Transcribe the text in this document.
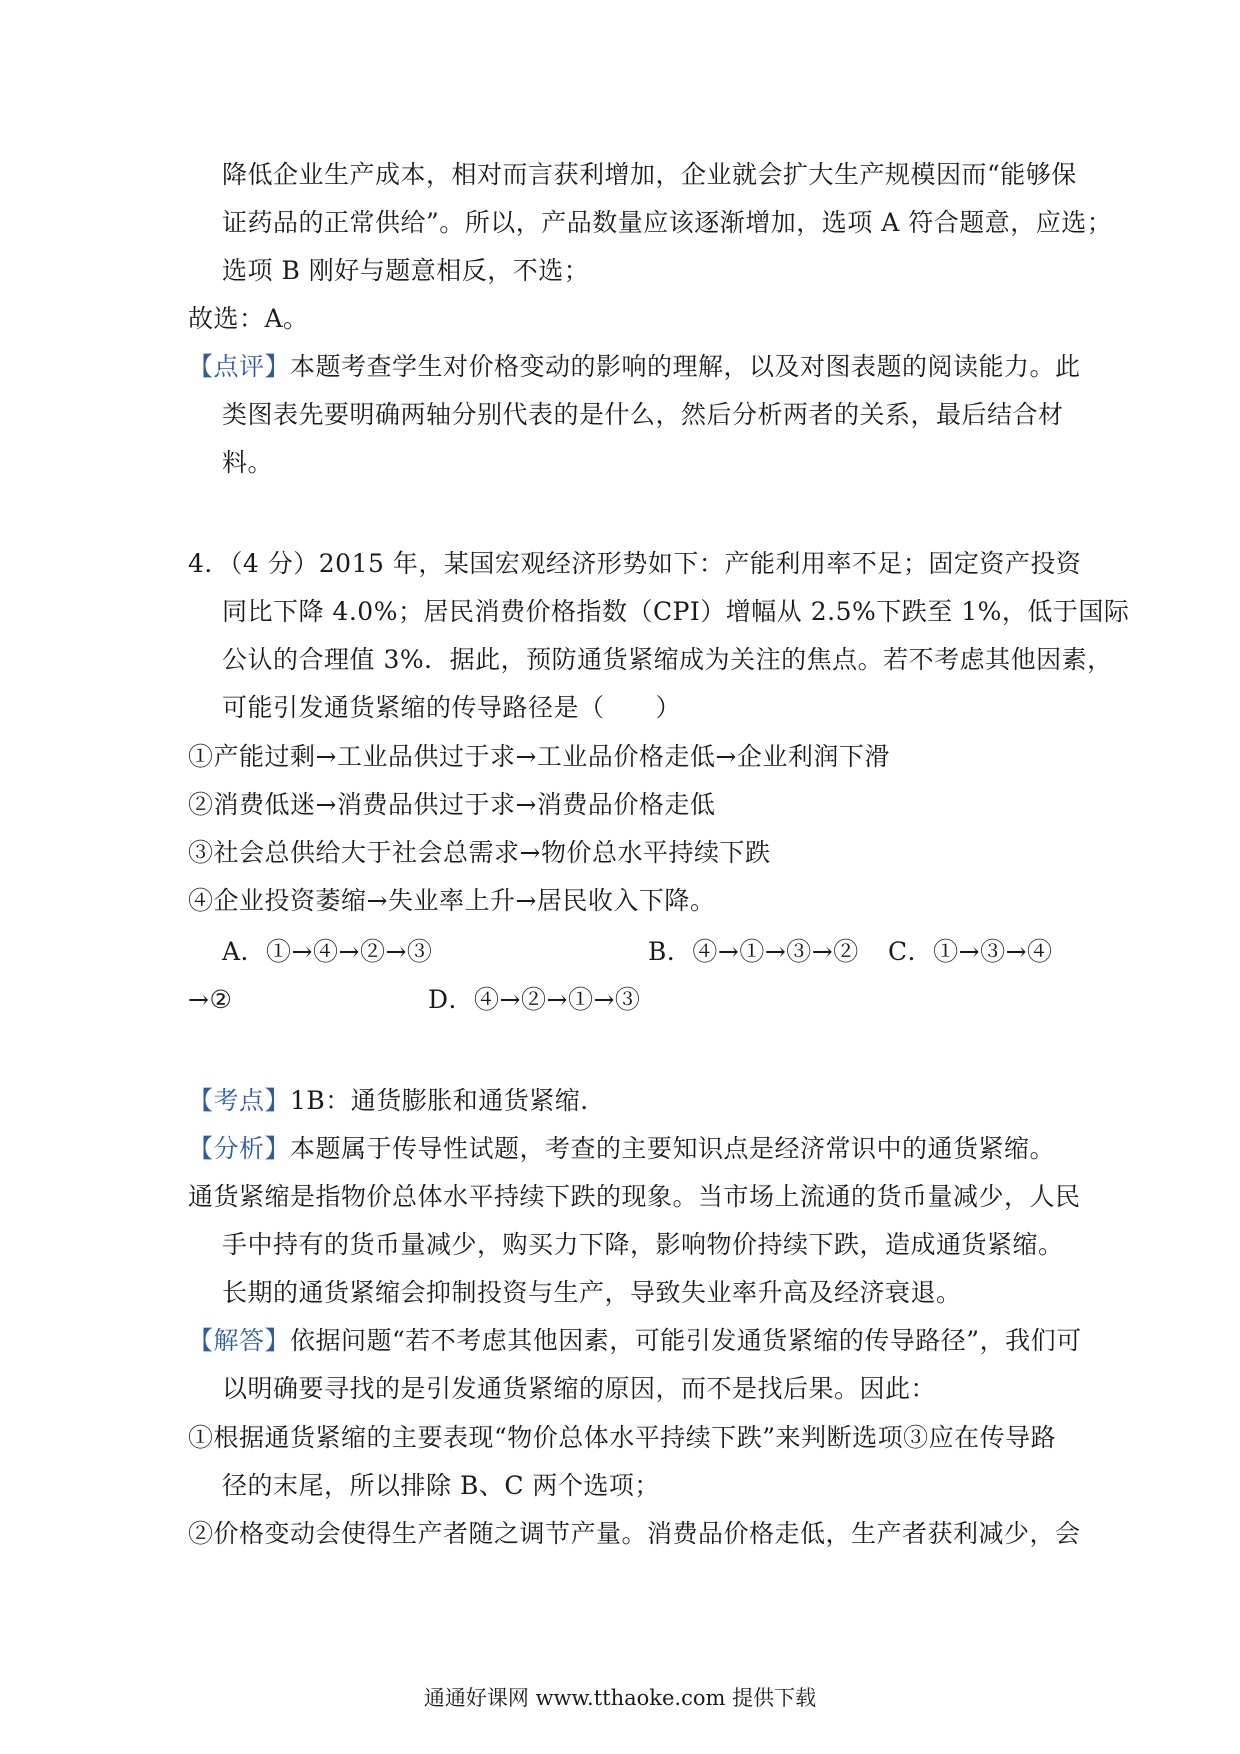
降低企业生产成本，相对而言获利增加，企业就会扩大生产规模因而“能够保
证药品的正常供给”。所以，产品数量应该逐渐增加，选项 A 符合题意，应选；
选项 B 刚好与题意相反，不选；
故选：A。
【点评】本题考查学生对价格变动的影响的理解，以及对图表题的阅读能力。此
类图表先要明确两轴分别代表的是什么，然后分析两者的关系，最后结合材
料。
4．（4 分）2015 年，某国宏观经济形势如下：产能利用率不足；固定资产投资
同比下降 4.0%；居民消费价格指数（CPI）增幅从 2.5%下跌至 1%，低于国际
公认的合理值 3%．据此，预防通货紧缩成为关注的焦点。若不考虑其他因素，
可能引发通货紧缩的传导路径是（　　）
①产能过剩→工业品供过于求→工业品价格走低→企业利润下滑
②消费低迷→消费品供过于求→消费品价格走低
③社会总供给大于社会总需求→物价总水平持续下跌
④企业投资萎缩→失业率上升→居民收入下降。
A．①→④→②→③	B．④→①→③→② C．①→③→④
→②	D．④→②→①→③
【考点】1B：通货膨胀和通货紧缩．
【分析】本题属于传导性试题，考查的主要知识点是经济常识中的通货紧缩。
通货紧缩是指物价总体水平持续下跌的现象。当市场上流通的货币量减少，人民
手中持有的货币量减少，购买力下降，影响物价持续下跌，造成通货紧缩。
长期的通货紧缩会抑制投资与生产，导致失业率升高及经济衰退。
【解答】依据问题“若不考虑其他因素，可能引发通货紧缩的传导路径”，我们可
以明确要寻找的是引发通货紧缩的原因，而不是找后果。因此：
①根据通货紧缩的主要表现“物价总体水平持续下跌”来判断选项③应在传导路
径的末尾，所以排除 B、C 两个选项；
②价格变动会使得生产者随之调节产量。消费品价格走低，生产者获利减少，会
通通好课网 www.tthaoke.com 提供下载
